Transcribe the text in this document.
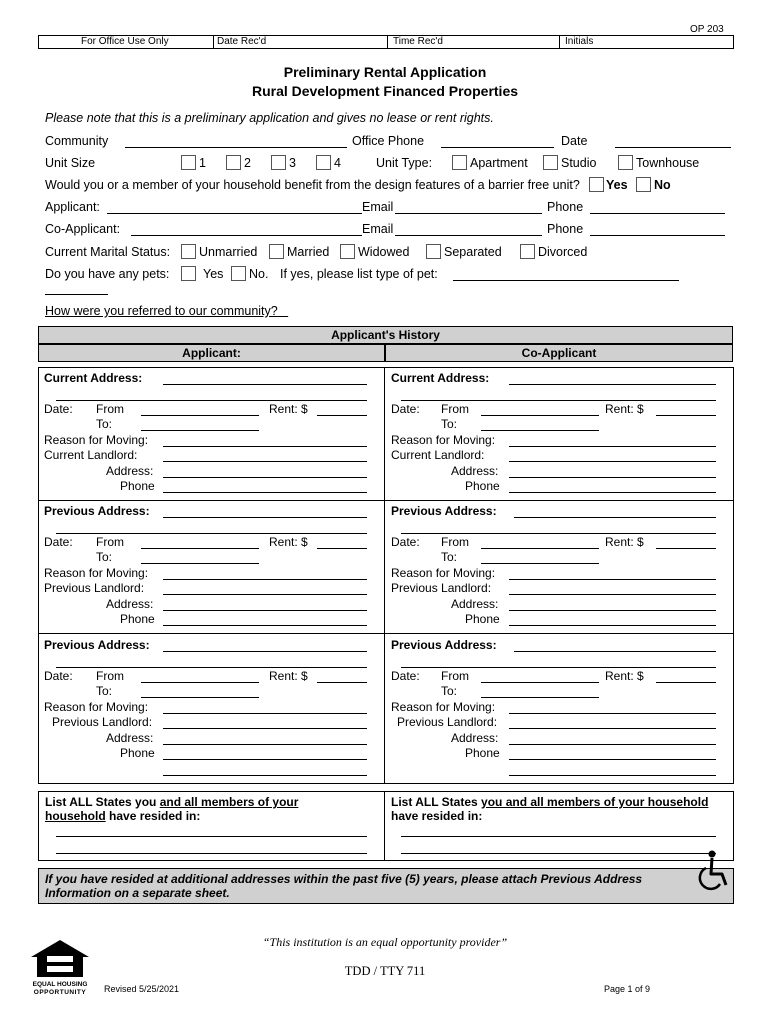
OP 203
For Office Use Only	Date Rec'd	Time Rec'd	Initials
Preliminary Rental Application
Rural Development Financed Properties
Please note that this is a preliminary application and gives no lease or rent rights.
Community	Office Phone	Date
Unit Size	1	2	3	4	Unit Type:	Apartment	Studio	Townhouse
Would you or a member of your household benefit from the design features of a barrier free unit? Yes No
Applicant:	Email	Phone
Co-Applicant:	Email	Phone
Current Marital Status: Unmarried Married Widowed	Separated	Divorced
Do you have any pets:	Yes No. If yes, please list type of pet:
How were you referred to our community?
Applicant's History
Applicant:	Co-Applicant
Current Address:
Date: From	Rent: $
To:
Reason for Moving:
Current Landlord:
Address:
Phone
Current Address:
Date: From	Rent: $
To:
Reason for Moving:
Current Landlord:
Address:
Phone
Previous Address:
Date: From	Rent: $
To:
Reason for Moving:
Previous Landlord:
Address:
Phone
Previous Address:
Date: From	Rent: $
To:
Reason for Moving:
Previous Landlord:
Address:
Phone
Previous Address:
Date: From	Rent: $
To:
Reason for Moving:
Previous Landlord:
Address:
Phone
Previous Address:
Date: From	Rent: $
To:
Reason for Moving:
Previous Landlord:
Address:
Phone
List ALL States you and all members of your household have resided in:
List ALL States you and all members of your household have resided in:
If you have resided at additional addresses within the past five (5) years, please attach Previous Address Information on a separate sheet.
“This institution is an equal opportunity provider”
TDD / TTY 711
EQUAL HOUSING
OPPORTUNITY	Revised 5/25/2021	Page 1 of 9
